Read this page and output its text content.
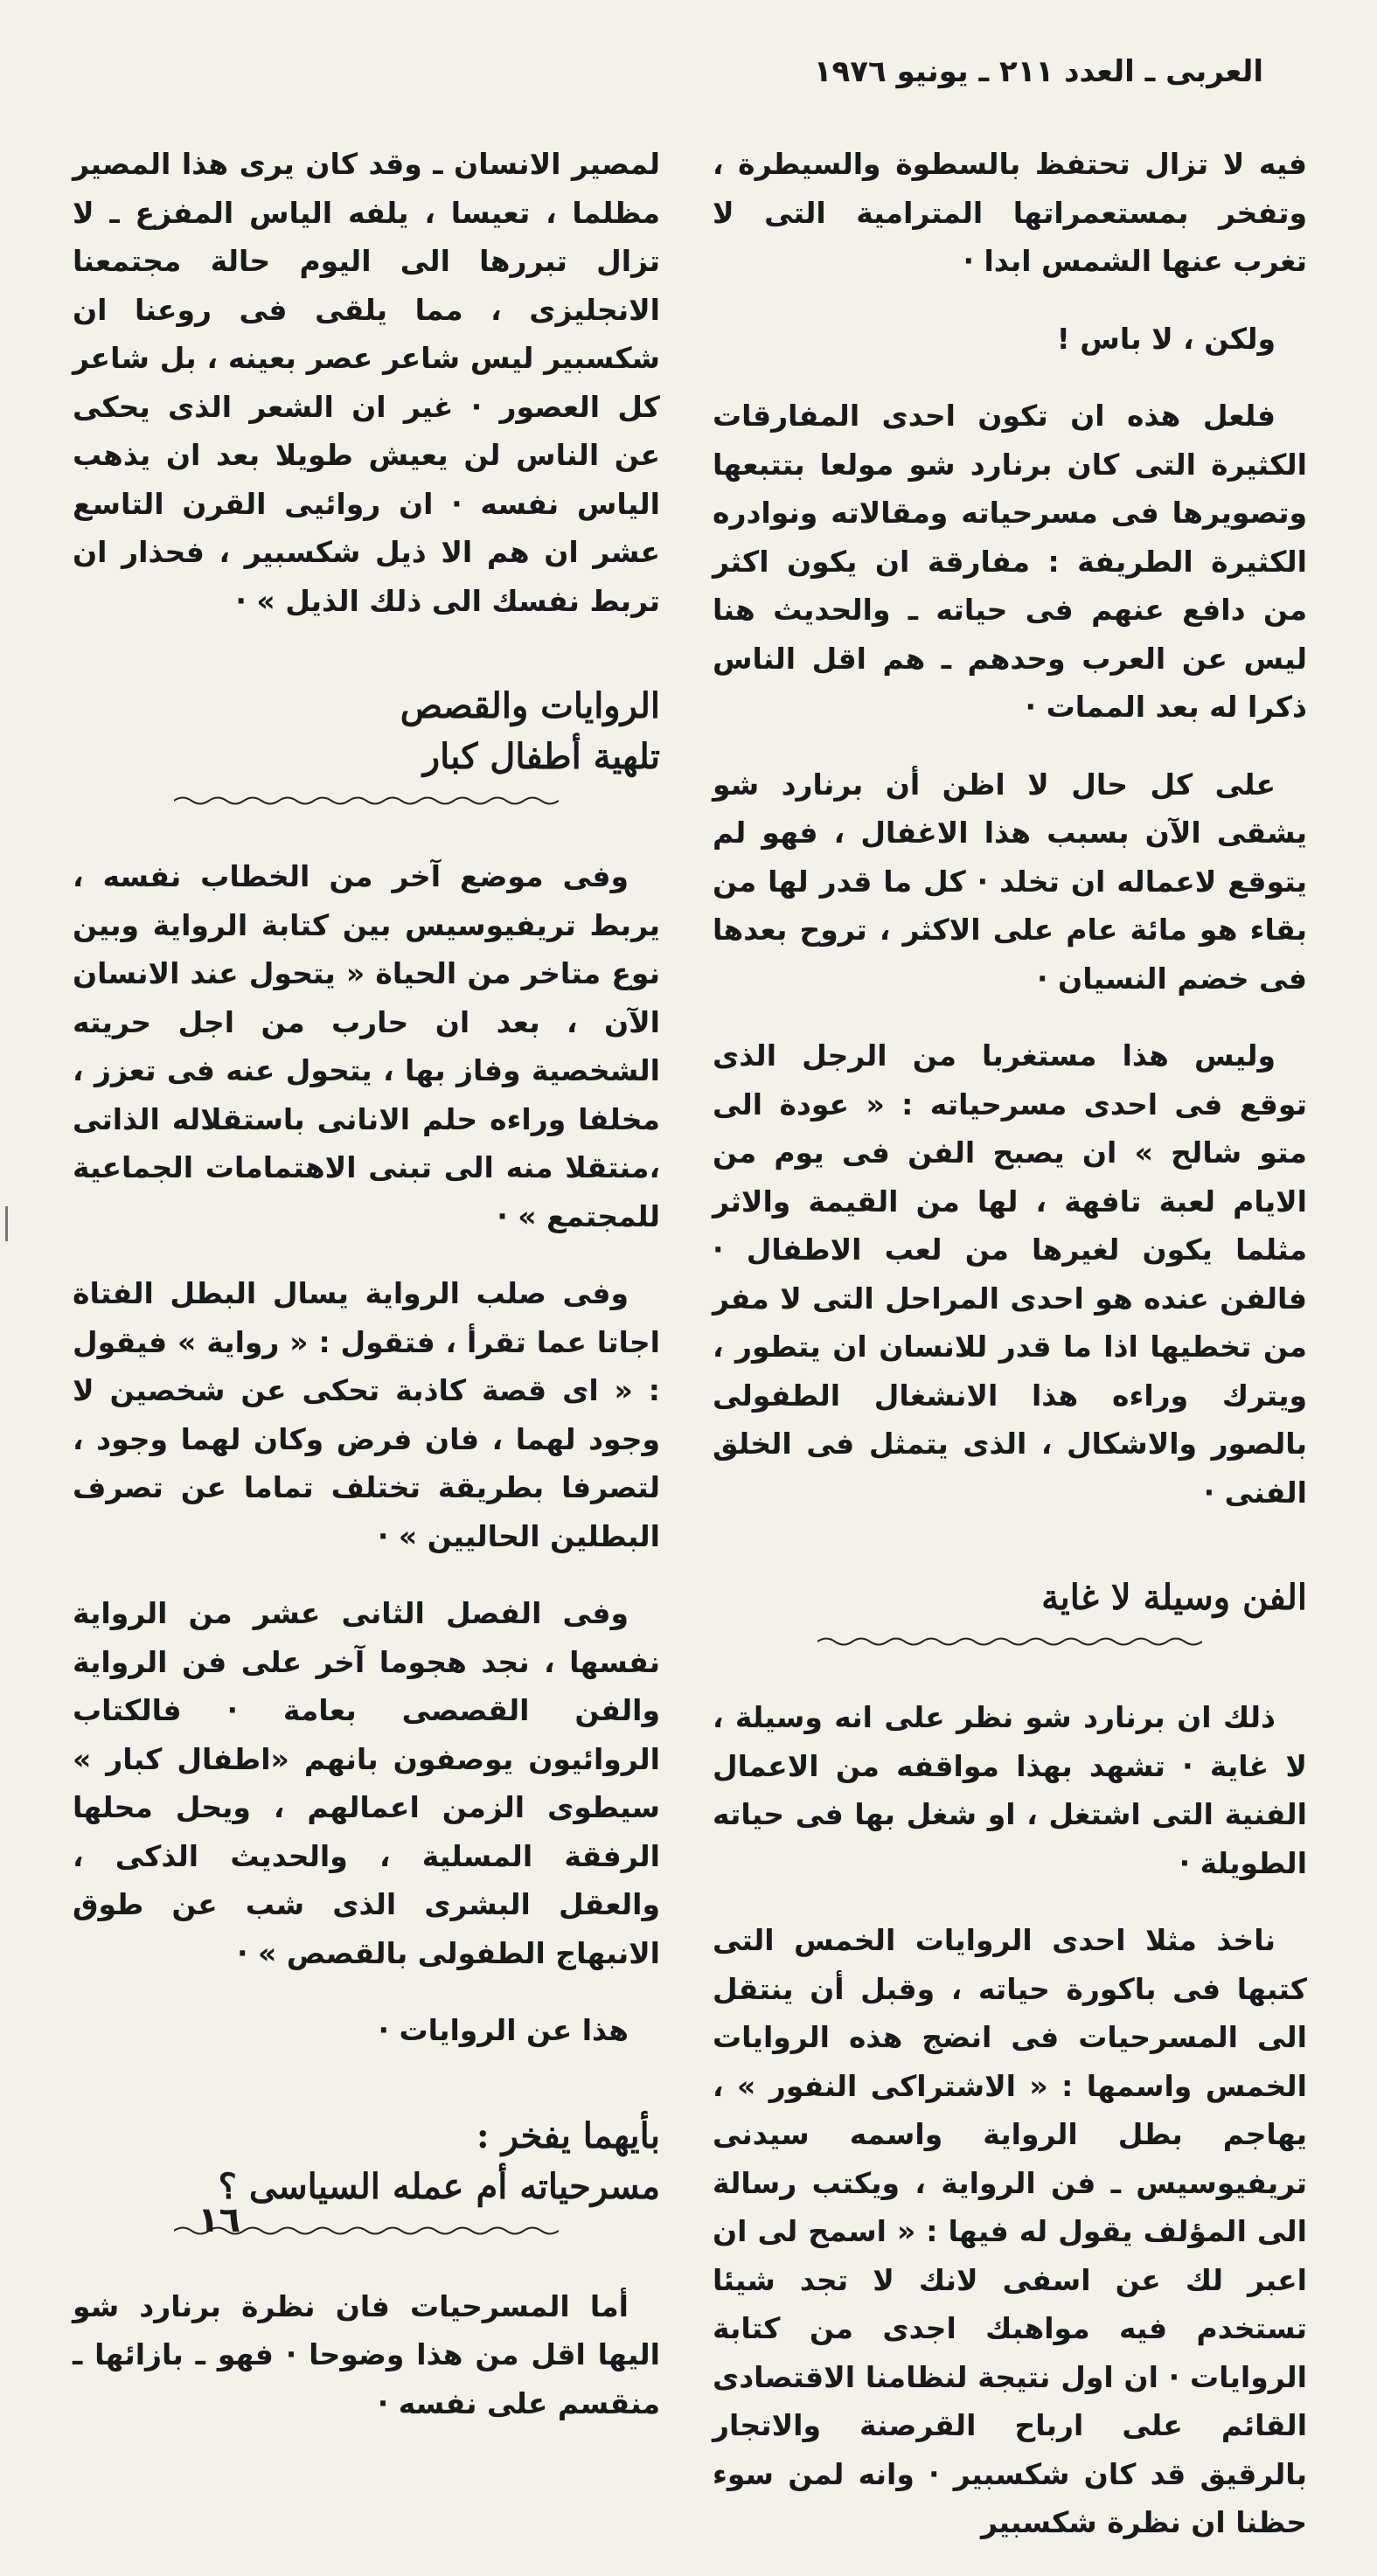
العربى ـ العدد ٢١١ ـ يونيو ١٩٧٦

فيه لا تزال تحتفظ بالسطوة والسيطرة ، وتفخر بمستعمراتها المترامية التى لا تغرب عنها الشمس ابدا ·

ولكن ، لا باس !

فلعل هذه ان تكون احدى المفارقات الكثيرة التى كان برنارد شو مولعا بتتبعها وتصويرها فى مسرحياته ومقالاته ونوادره الكثيرة الطريفة : مفارقة ان يكون اكثر من دافع عنهم فى حياته ـ والحديث هنا ليس عن العرب وحدهم ـ هم اقل الناس ذكرا له بعد الممات ·

على كل حال لا اظن أن برنارد شو يشقى الآن بسبب هذا الاغفال ، فهو لم يتوقع لاعماله ان تخلد · كل ما قدر لها من بقاء هو مائة عام على الاكثر ، تروح بعدها فى خضم النسيان ·

وليس هذا مستغربا من الرجل الذى توقع فى احدى مسرحياته : « عودة الى متو شالح » ان يصبح الفن فى يوم من الايام لعبة تافهة ، لها من القيمة والاثر مثلما يكون لغيرها من لعب الاطفال · فالفن عنده هو احدى المراحل التى لا مفر من تخطيها اذا ما قدر للانسان ان يتطور ، ويترك وراءه هذا الانشغال الطفولى بالصور والاشكال ، الذى يتمثل فى الخلق الفنى ·

الفن وسيلة لا غاية

ذلك ان برنارد شو نظر على انه وسيلة ، لا غاية · تشهد بهذا مواقفه من الاعمال الفنية التى اشتغل ، او شغل بها فى حياته الطويلة ·

ناخذ مثلا احدى الروايات الخمس التى كتبها فى باكورة حياته ، وقبل أن ينتقل الى المسرحيات فى انضج هذه الروايات الخمس واسمها : « الاشتراكى النفور » ، يهاجم بطل الرواية واسمه سيدنى تريفيوسيس ـ فن الرواية ، ويكتب رسالة الى المؤلف يقول له فيها : « اسمح لى ان اعبر لك عن اسفى لانك لا تجد شيئا تستخدم فيه مواهبك اجدى من كتابة الروايات · ان اول نتيجة لنظامنا الاقتصادى القائم على ارباح القرصنة والاتجار بالرقيق قد كان شكسبير · وانه لمن سوء حظنا ان نظرة شكسبير

لمصير الانسان ـ وقد كان يرى هذا المصير مظلما ، تعيسا ، يلفه الياس المفزع ـ لا تزال تبررها الى اليوم حالة مجتمعنا الانجليزى ، مما يلقى فى روعنا ان شكسبير ليس شاعر عصر بعينه ، بل شاعر كل العصور · غير ان الشعر الذى يحكى عن الناس لن يعيش طويلا بعد ان يذهب الياس نفسه · ان روائيى القرن التاسع عشر ان هم الا ذيل شكسبير ، فحذار ان تربط نفسك الى ذلك الذيل » ·

الروايات والقصص
تلهية أطفال كبار

وفى موضع آخر من الخطاب نفسه ، يربط تريفيوسيس بين كتابة الرواية وبين نوع متاخر من الحياة « يتحول عند الانسان الآن ، بعد ان حارب من اجل حريته الشخصية وفاز بها ، يتحول عنه فى تعزز ، مخلفا وراءه حلم الانانى باستقلاله الذاتى ،منتقلا منه الى تبنى الاهتمامات الجماعية للمجتمع » ·

وفى صلب الرواية يسال البطل الفتاة اجاتا عما تقرأ ، فتقول : « رواية » فيقول : « اى قصة كاذبة تحكى عن شخصين لا وجود لهما ، فان فرض وكان لهما وجود ، لتصرفا بطريقة تختلف تماما عن تصرف البطلين الحاليين » ·

وفى الفصل الثانى عشر من الرواية نفسها ، نجد هجوما آخر على فن الرواية والفن القصصى بعامة · فالكتاب الروائيون يوصفون بانهم «اطفال كبار » سيطوى الزمن اعمالهم ، ويحل محلها الرفقة المسلية ، والحديث الذكى ، والعقل البشرى الذى شب عن طوق الانبهاج الطفولى بالقصص » ·

هذا عن الروايات ·

بأيهما يفخر :
مسرحياته أم عمله السياسى ؟

أما المسرحيات فان نظرة برنارد شو اليها اقل من هذا وضوحا · فهو ـ بازائها ـ منقسم على نفسه ·

١٦
